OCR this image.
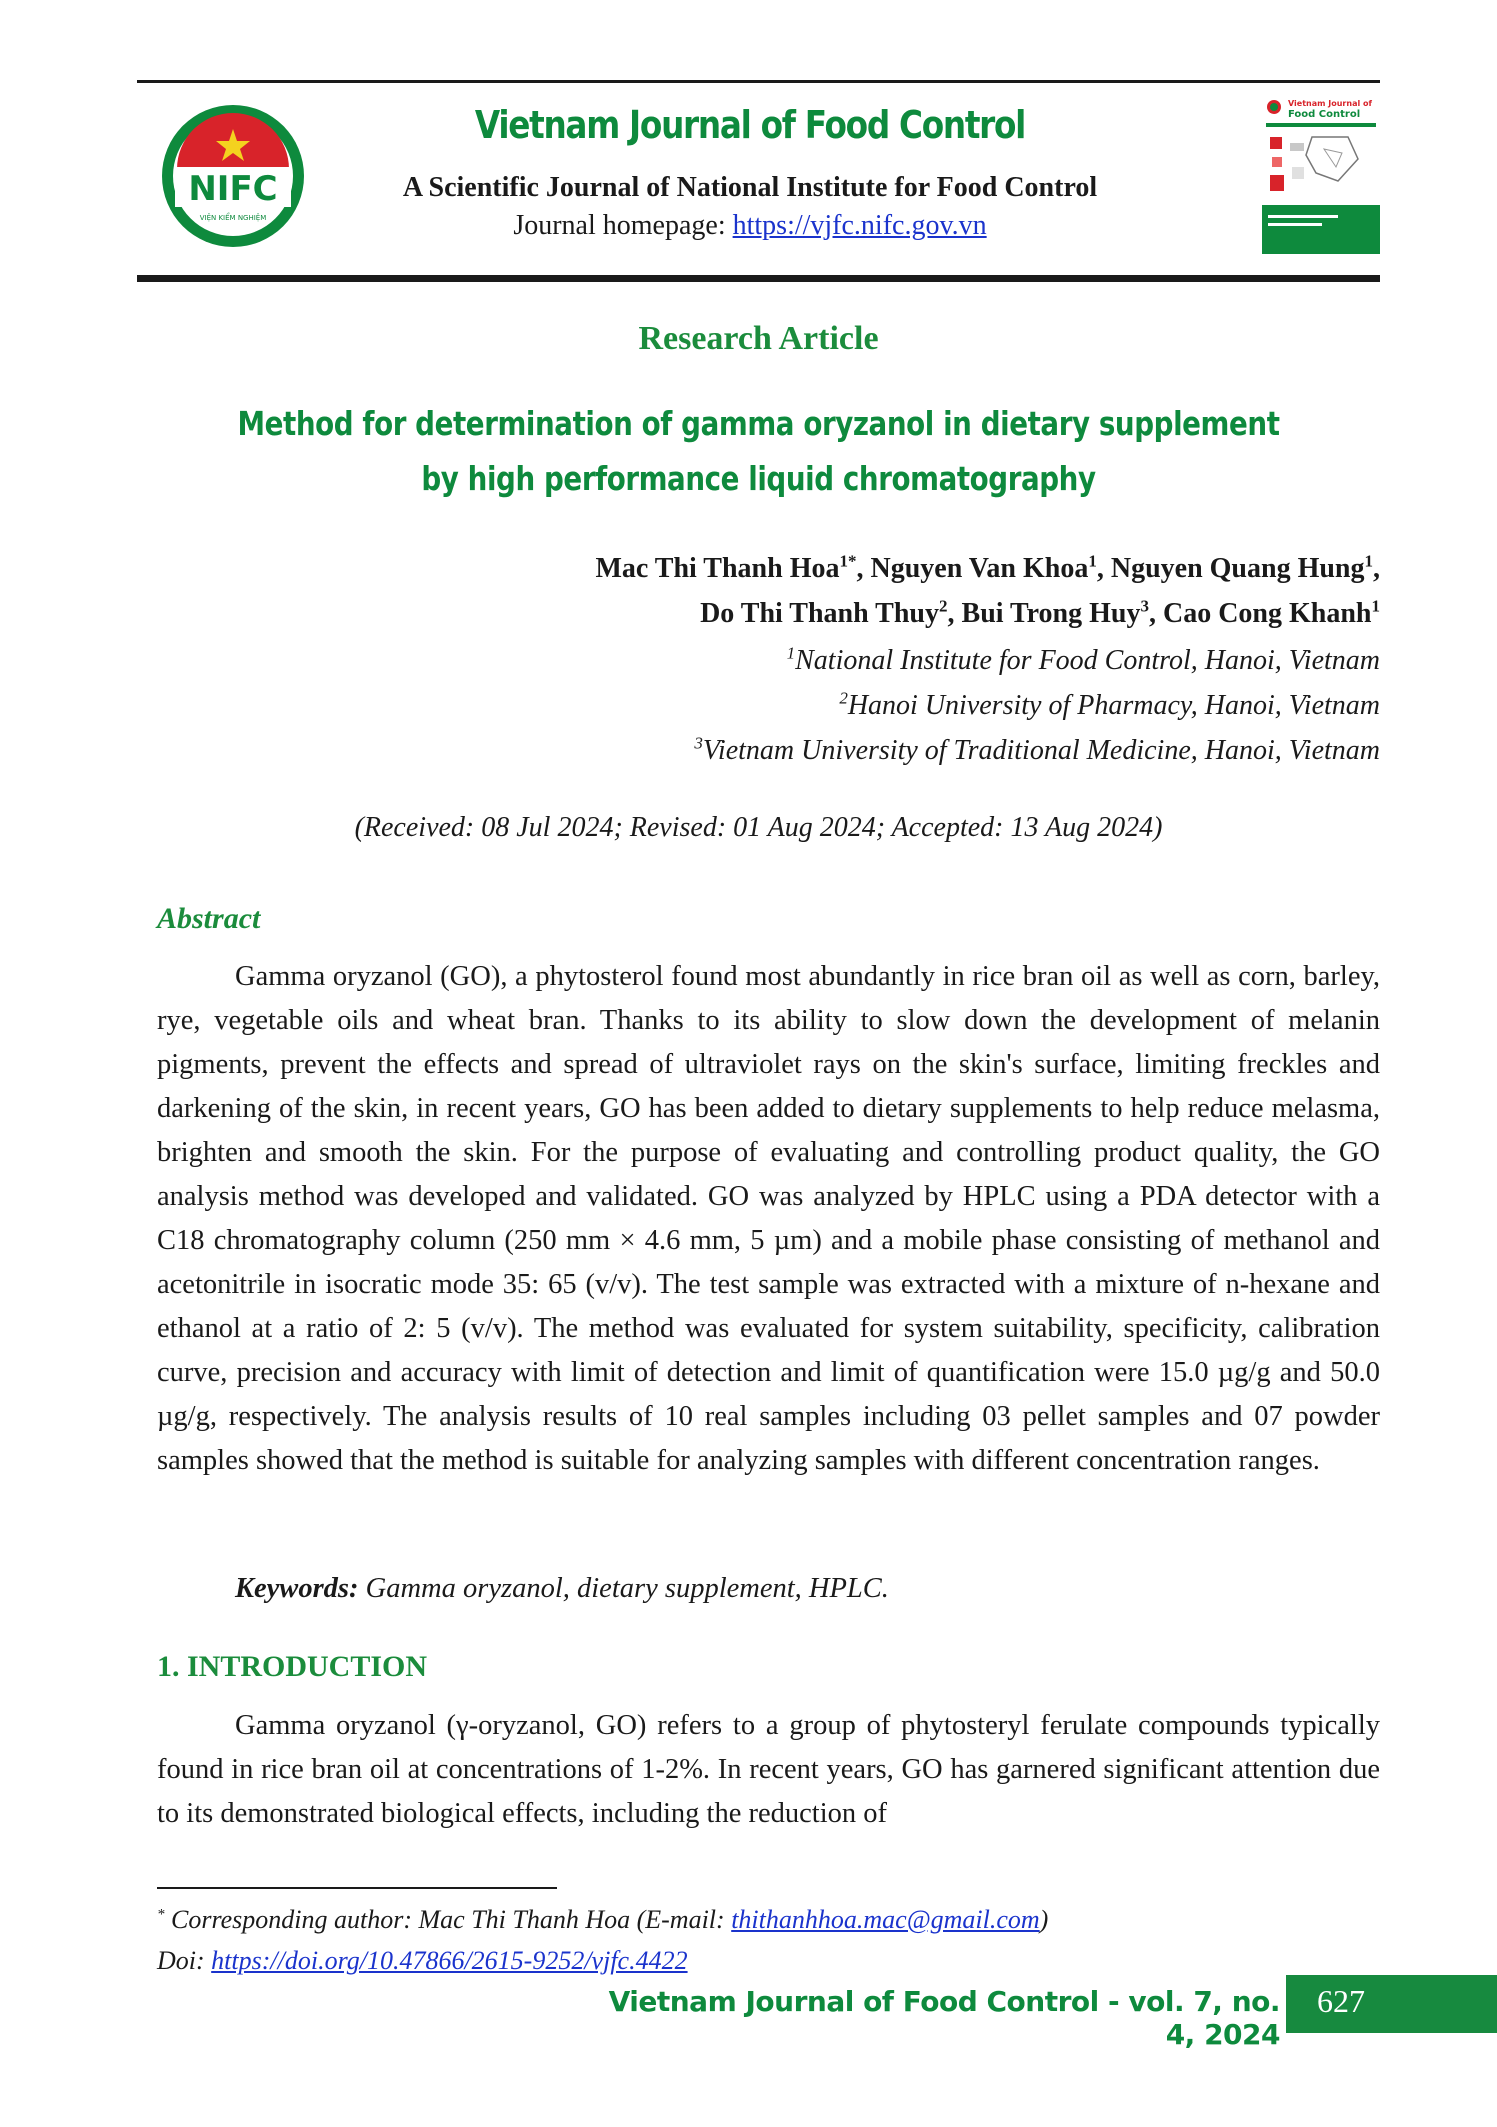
NIFC
VIỆN KIỂM NGHIỆM
Vietnam Journal of Food Control
A Scientific Journal of National Institute for Food Control
Journal homepage: https://vjfc.nifc.gov.vn
Vietnam Journal of
Food Control
Research Article
Method for determination of gamma oryzanol in dietary supplement
by high performance liquid chromatography
Mac Thi Thanh Hoa$^{1*}$, Nguyen Van Khoa$^1$, Nguyen Quang Hung$^1$,
Do Thi Thanh Thuy$^2$, Bui Trong Huy$^3$, Cao Cong Khanh$^1$
$^1$National Institute for Food Control, Hanoi, Vietnam
$^2$Hanoi University of Pharmacy, Hanoi, Vietnam
$^3$Vietnam University of Traditional Medicine, Hanoi, Vietnam
(Received: 08 Jul 2024; Revised: 01 Aug 2024; Accepted: 13 Aug 2024)
Abstract

Gamma oryzanol (GO), a phytosterol found most abundantly in rice bran oil as well as corn, barley, rye, vegetable oils and wheat bran. Thanks to its ability to slow down the development of melanin pigments, prevent the effects and spread of ultraviolet rays on the skin's surface, limiting freckles and darkening of the skin, in recent years, GO has been added to dietary supplements to help reduce melasma, brighten and smooth the skin. For the purpose of evaluating and controlling product quality, the GO analysis method was developed and validated. GO was analyzed by HPLC using a PDA detector with a C18 chromatography column (250 mm × 4.6 mm, 5 µm) and a mobile phase consisting of methanol and acetonitrile in isocratic mode 35: 65 (v/v). The test sample was extracted with a mixture of n-hexane and ethanol at a ratio of 2: 5 (v/v). The method was evaluated for system suitability, specificity, calibration curve, precision and accuracy with limit of detection and limit of quantification were 15.0 µg/g and 50.0 µg/g, respectively. The analysis results of 10 real samples including 03 pellet samples and 07 powder samples showed that the method is suitable for analyzing samples with different concentration ranges.

Keywords: Gamma oryzanol, dietary supplement, HPLC.
1. INTRODUCTION

Gamma oryzanol (γ-oryzanol, GO) refers to a group of phytosteryl ferulate compounds typically found in rice bran oil at concentrations of 1-2%. In recent years, GO has garnered significant attention due to its demonstrated biological effects, including the reduction of

* Corresponding author: Mac Thi Thanh Hoa (E-mail: thithanhhoa.mac@gmail.com)
Doi: https://doi.org/10.47866/2615-9252/vjfc.4422
Vietnam Journal of Food Control - vol. 7, no. 4, 2024
627
